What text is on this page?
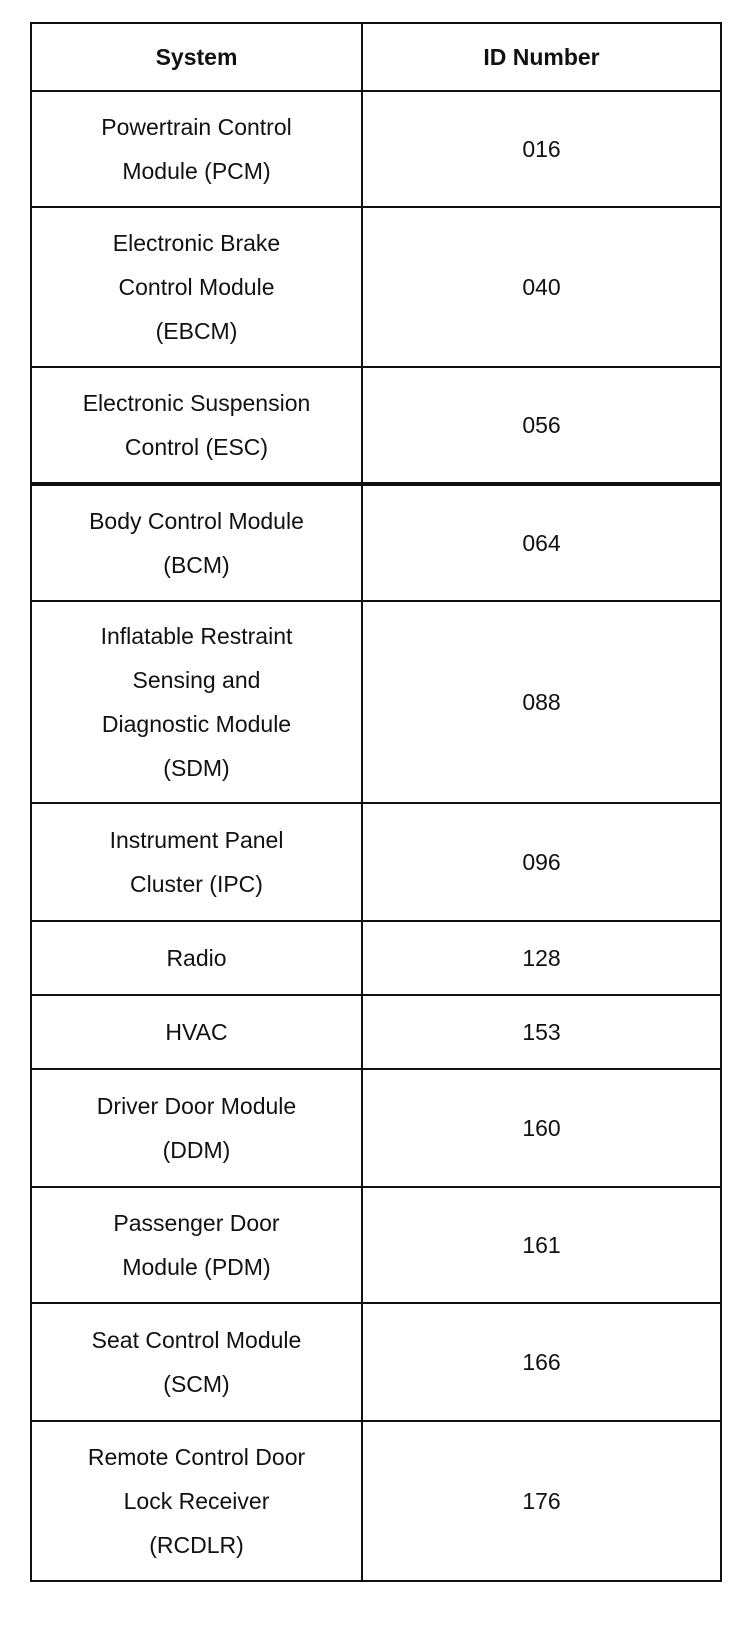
System	ID Number

Powertrain Control
Module (PCM)	016

Electronic Brake
Control Module
(EBCM)	040

Electronic Suspension
Control (ESC)	056

Body Control Module
(BCM)	064

Inflatable Restraint
Sensing and
Diagnostic Module
(SDM)	088

Instrument Panel
Cluster (IPC)	096

Radio	128

HVAC	153

Driver Door Module
(DDM)	160

Passenger Door
Module (PDM)	161

Seat Control Module
(SCM)	166

Remote Control Door
Lock Receiver
(RCDLR)	176
